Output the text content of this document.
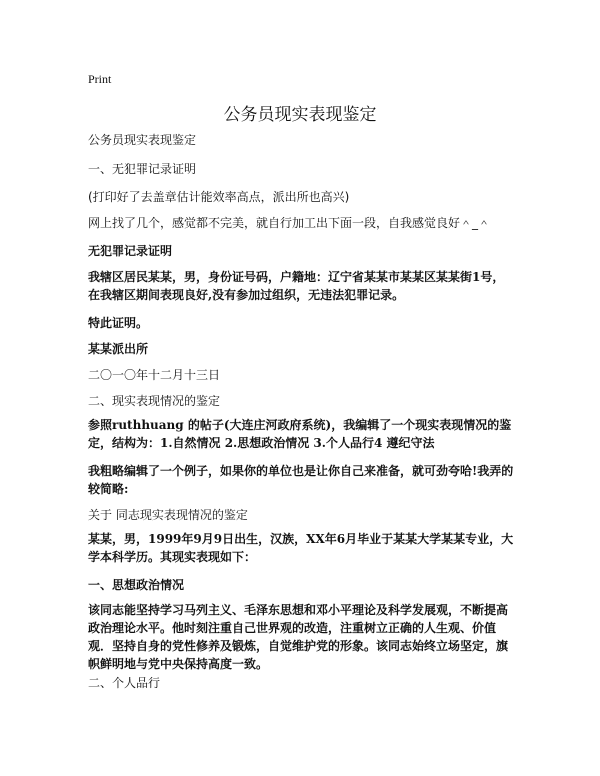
Print
公务员现实表现鉴定
公务员现实表现鉴定
一、无犯罪记录证明
(打印好了去盖章估计能效率高点，派出所也高兴)
网上找了几个，感觉都不完美，就自行加工出下面一段，自我感觉良好＾_＾
无犯罪记录证明
我辖区居民某某，男，身份证号码，户籍地：辽宁省某某市某某区某某街1号，在我辖区期间表现良好,没有参加过组织，无违法犯罪记录。
特此证明。
某某派出所
二〇一〇年十二月十三日
二、现实表现情况的鉴定
参照ruthhuang 的帖子(大连庄河政府系统)，我编辑了一个现实表现情况的鉴定，结构为：1.自然情况 2.思想政治情况 3.个人品行4 遵纪守法
我粗略编辑了一个例子，如果你的单位也是让你自己来准备，就可劲夸哈!我弄的较简略:
关于 同志现实表现情况的鉴定
某某，男，1999年9月9日出生，汉族，XX年6月毕业于某某大学某某专业，大学本科学历。其现实表现如下：
一、思想政治情况
该同志能坚持学习马列主义、毛泽东思想和邓小平理论及科学发展观，不断提高政治理论水平。他时刻注重自己世界观的改造，注重树立正确的人生观、价值观．坚持自身的党性修养及锻炼，自觉维护党的形象。该同志始终立场坚定，旗帜鲜明地与党中央保持高度一致。
二、个人品行
